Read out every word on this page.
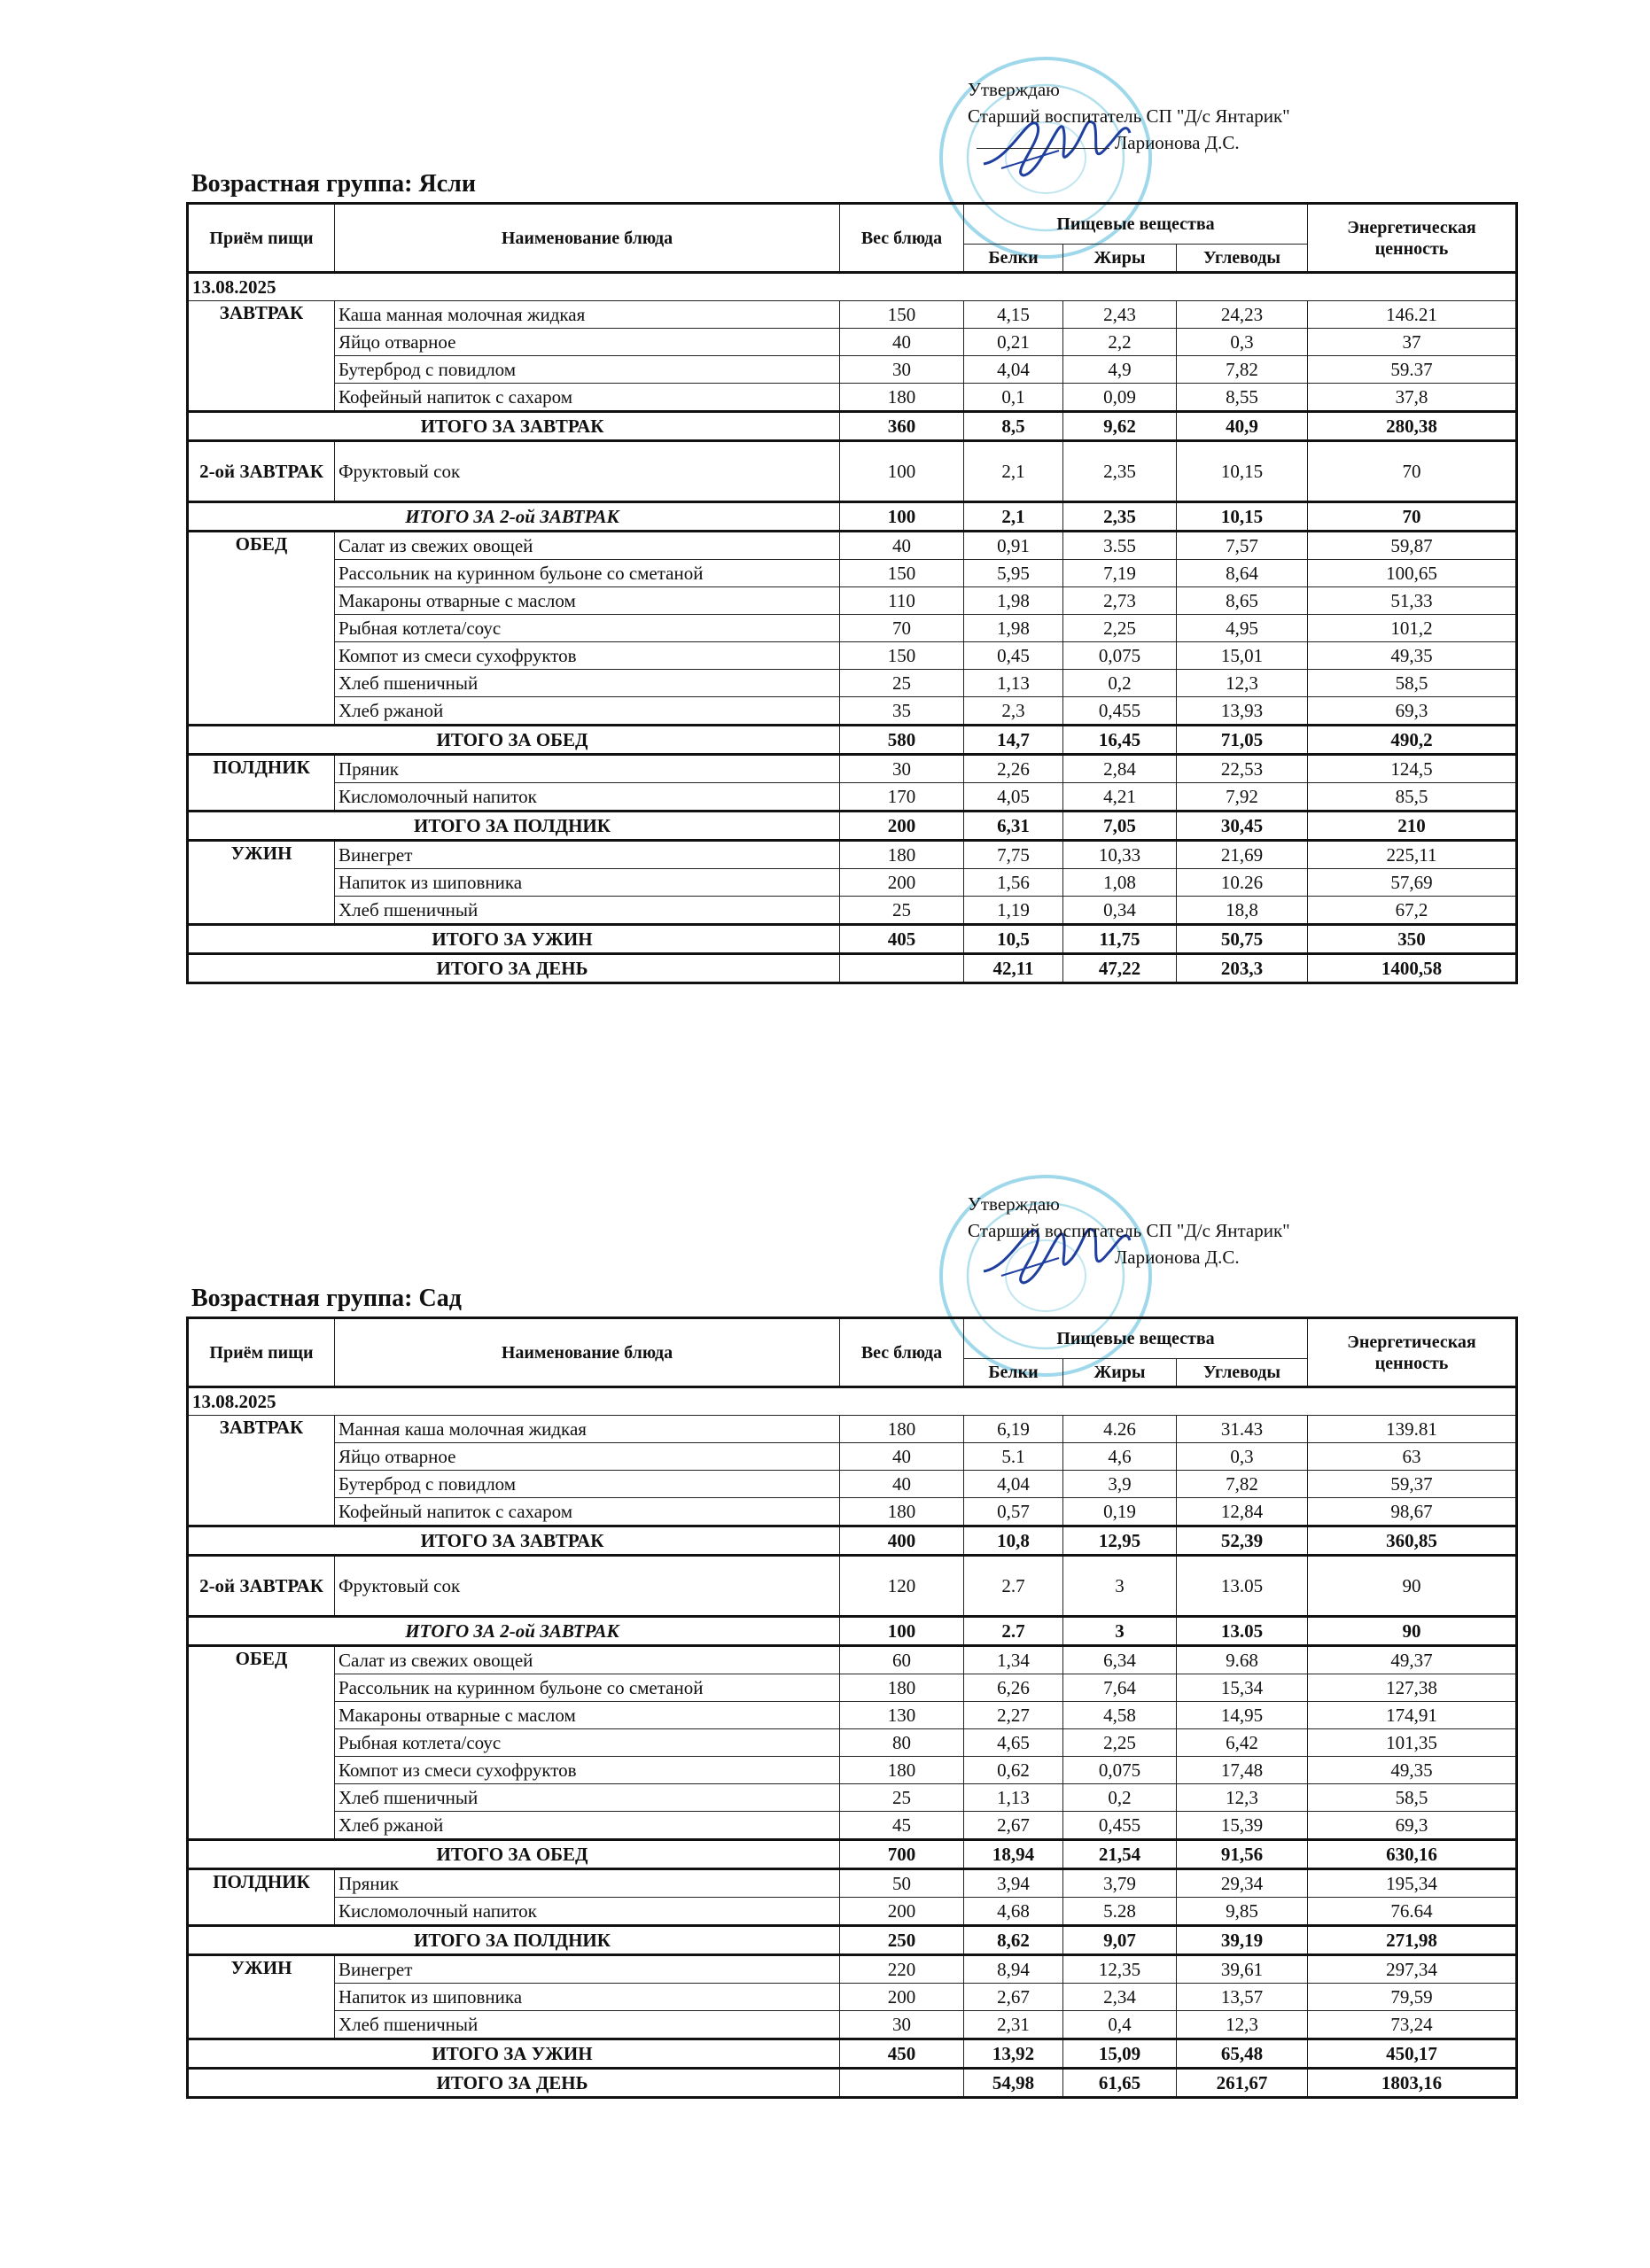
Утверждаю
Старший воспитатель СП "Д/с Янтарик"
Ларионова Д.С.
Возрастная группа: Ясли
Приём пищи	Наименование блюда	Вес блюда	Пищевые вещества			Энергетическая ценность
			Белки	Жиры	Углеводы	
13.08.2025						
ЗАВТРАК	Каша манная молочная жидкая	150	4,15	2,43	24,23	146.21
	Яйцо отварное	40	0,21	2,2	0,3	37
	Бутерброд с повидлом	30	4,04	4,9	7,82	59.37
	Кофейный напиток с сахаром	180	0,1	0,09	8,55	37,8
ИТОГО ЗА ЗАВТРАК		360	8,5	9,62	40,9	280,38
2-ой ЗАВТРАК	Фруктовый сок	100	2,1	2,35	10,15	70
ИТОГО ЗА 2-ой ЗАВТРАК		100	2,1	2,35	10,15	70
ОБЕД	Салат из свежих овощей	40	0,91	3.55	7,57	59,87
	Рассольник на куринном бульоне со сметаной	150	5,95	7,19	8,64	100,65
	Макароны отварные с маслом	110	1,98	2,73	8,65	51,33
	Рыбная котлета/соус	70	1,98	2,25	4,95	101,2
	Компот из смеси сухофруктов	150	0,45	0,075	15,01	49,35
	Хлеб пшеничный	25	1,13	0,2	12,3	58,5
	Хлеб ржаной	35	2,3	0,455	13,93	69,3
ИТОГО ЗА ОБЕД		580	14,7	16,45	71,05	490,2
ПОЛДНИК	Пряник	30	2,26	2,84	22,53	124,5
	Кисломолочный напиток	170	4,05	4,21	7,92	85,5
ИТОГО ЗА ПОЛДНИК		200	6,31	7,05	30,45	210
УЖИН	Винегрет	180	7,75	10,33	21,69	225,11
	Напиток из шиповника	200	1,56	1,08	10.26	57,69
	Хлеб пшеничный	25	1,19	0,34	18,8	67,2
ИТОГО ЗА УЖИН		405	10,5	11,75	50,75	350
ИТОГО ЗА ДЕНЬ			42,11	47,22	203,3	1400,58
Утверждаю
Старший воспитатель СП "Д/с Янтарик"
Ларионова Д.С.
Возрастная группа: Сад
Приём пищи	Наименование блюда	Вес блюда	Пищевые вещества			Энергетическая ценность
			Белки	Жиры	Углеводы	
13.08.2025						
ЗАВТРАК	Манная каша молочная жидкая	180	6,19	4.26	31.43	139.81
	Яйцо отварное	40	5.1	4,6	0,3	63
	Бутерброд с повидлом	40	4,04	3,9	7,82	59,37
	Кофейный напиток с сахаром	180	0,57	0,19	12,84	98,67
ИТОГО ЗА ЗАВТРАК		400	10,8	12,95	52,39	360,85
2-ой ЗАВТРАК	Фруктовый сок	120	2.7	3	13.05	90
ИТОГО ЗА 2-ой ЗАВТРАК		100	2.7	3	13.05	90
ОБЕД	Салат из свежих овощей	60	1,34	6,34	9.68	49,37
	Рассольник на куринном бульоне со сметаной	180	6,26	7,64	15,34	127,38
	Макароны отварные с маслом	130	2,27	4,58	14,95	174,91
	Рыбная котлета/соус	80	4,65	2,25	6,42	101,35
	Компот из смеси сухофруктов	180	0,62	0,075	17,48	49,35
	Хлеб пшеничный	25	1,13	0,2	12,3	58,5
	Хлеб ржаной	45	2,67	0,455	15,39	69,3
ИТОГО ЗА ОБЕД		700	18,94	21,54	91,56	630,16
ПОЛДНИК	Пряник	50	3,94	3,79	29,34	195,34
	Кисломолочный напиток	200	4,68	5.28	9,85	76.64
ИТОГО ЗА ПОЛДНИК		250	8,62	9,07	39,19	271,98
УЖИН	Винегрет	220	8,94	12,35	39,61	297,34
	Напиток из шиповника	200	2,67	2,34	13,57	79,59
	Хлеб пшеничный	30	2,31	0,4	12,3	73,24
ИТОГО ЗА УЖИН		450	13,92	15,09	65,48	450,17
ИТОГО ЗА ДЕНЬ			54,98	61,65	261,67	1803,16
